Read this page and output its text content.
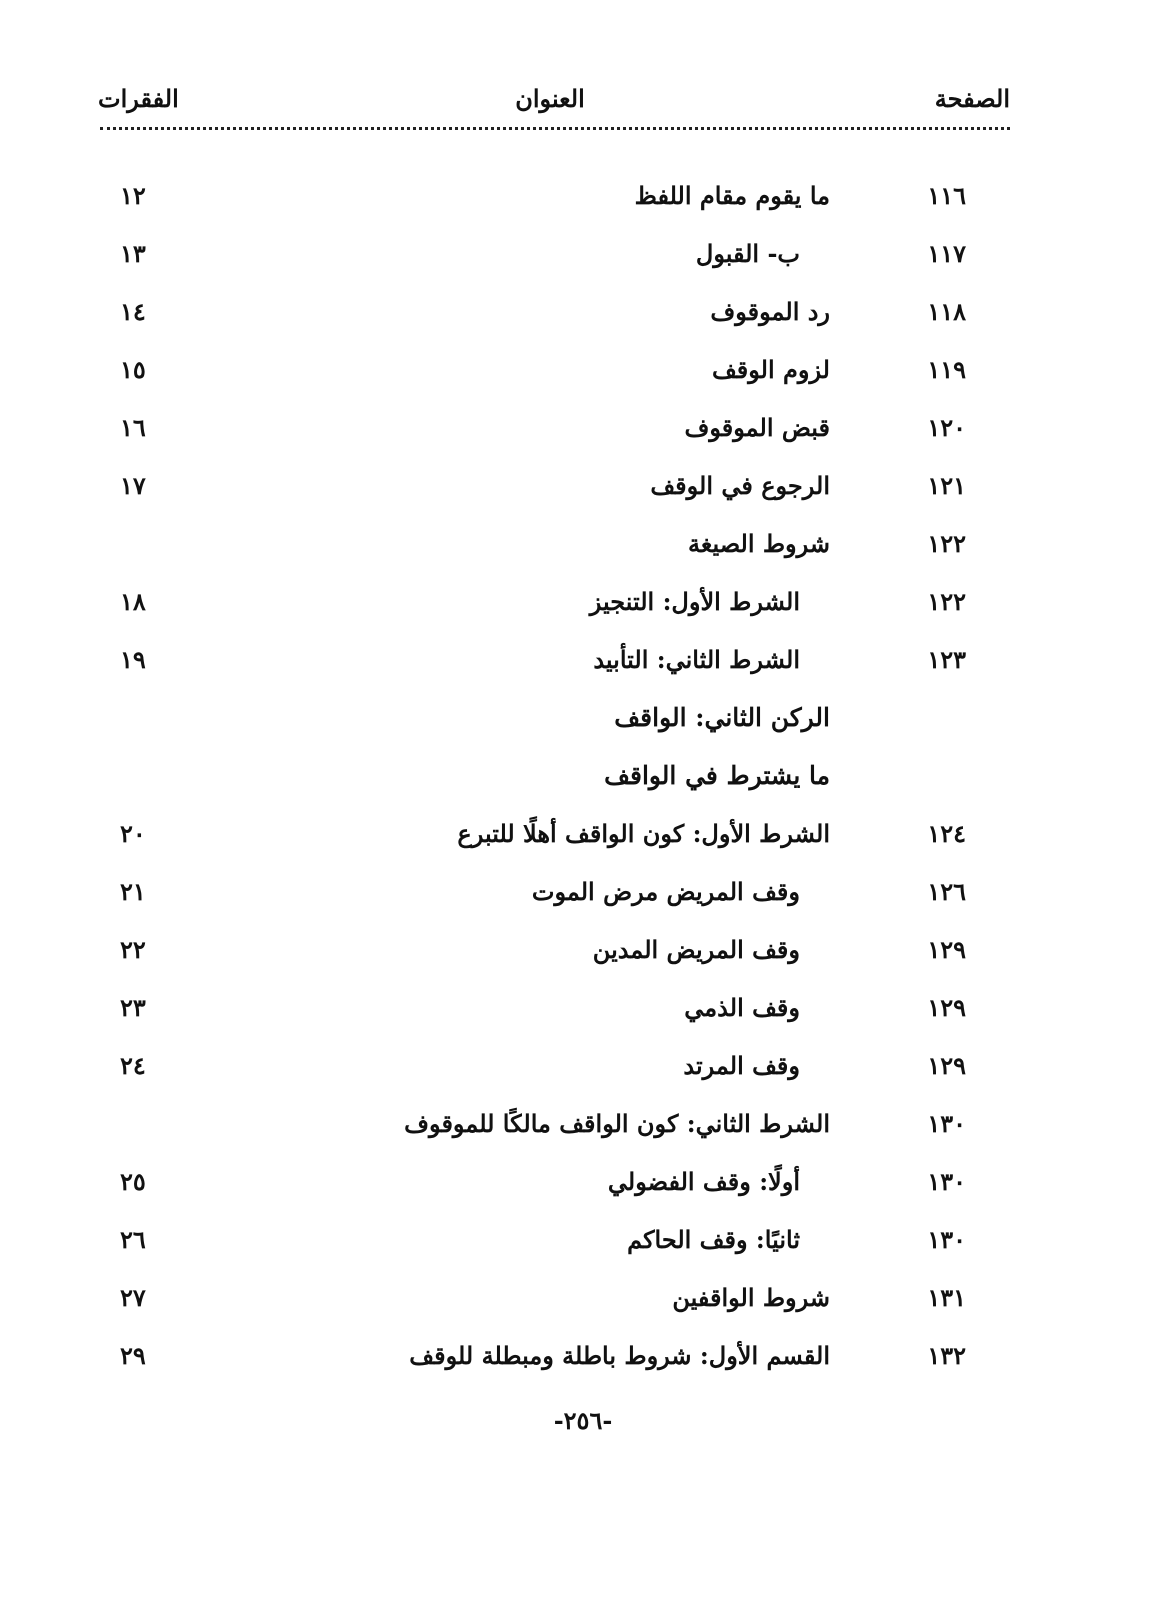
الصفحة
العنوان
الفقرات
١١٦
ما يقوم مقام اللفظ
١٢
١١٧
ب- القبول
١٣
١١٨
رد الموقوف
١٤
١١٩
لزوم الوقف
١٥
١٢٠
قبض الموقوف
١٦
١٢١
الرجوع في الوقف
١٧
١٢٢
شروط الصيغة
١٢٢
الشرط الأول: التنجيز
١٨
١٢٣
الشرط الثاني: التأبيد
١٩
الركن الثاني: الواقف
ما يشترط في الواقف
١٢٤
الشرط الأول: كون الواقف أهلًا للتبرع
٢٠
١٢٦
وقف المريض مرض الموت
٢١
١٢٩
وقف المريض المدين
٢٢
١٢٩
وقف الذمي
٢٣
١٢٩
وقف المرتد
٢٤
١٣٠
الشرط الثاني: كون الواقف مالكًا للموقوف
١٣٠
أولًا: وقف الفضولي
٢٥
١٣٠
ثانيًا: وقف الحاكم
٢٦
١٣١
شروط الواقفين
٢٧
١٣٢
القسم الأول: شروط باطلة ومبطلة للوقف
٢٩
-٢٥٦-
